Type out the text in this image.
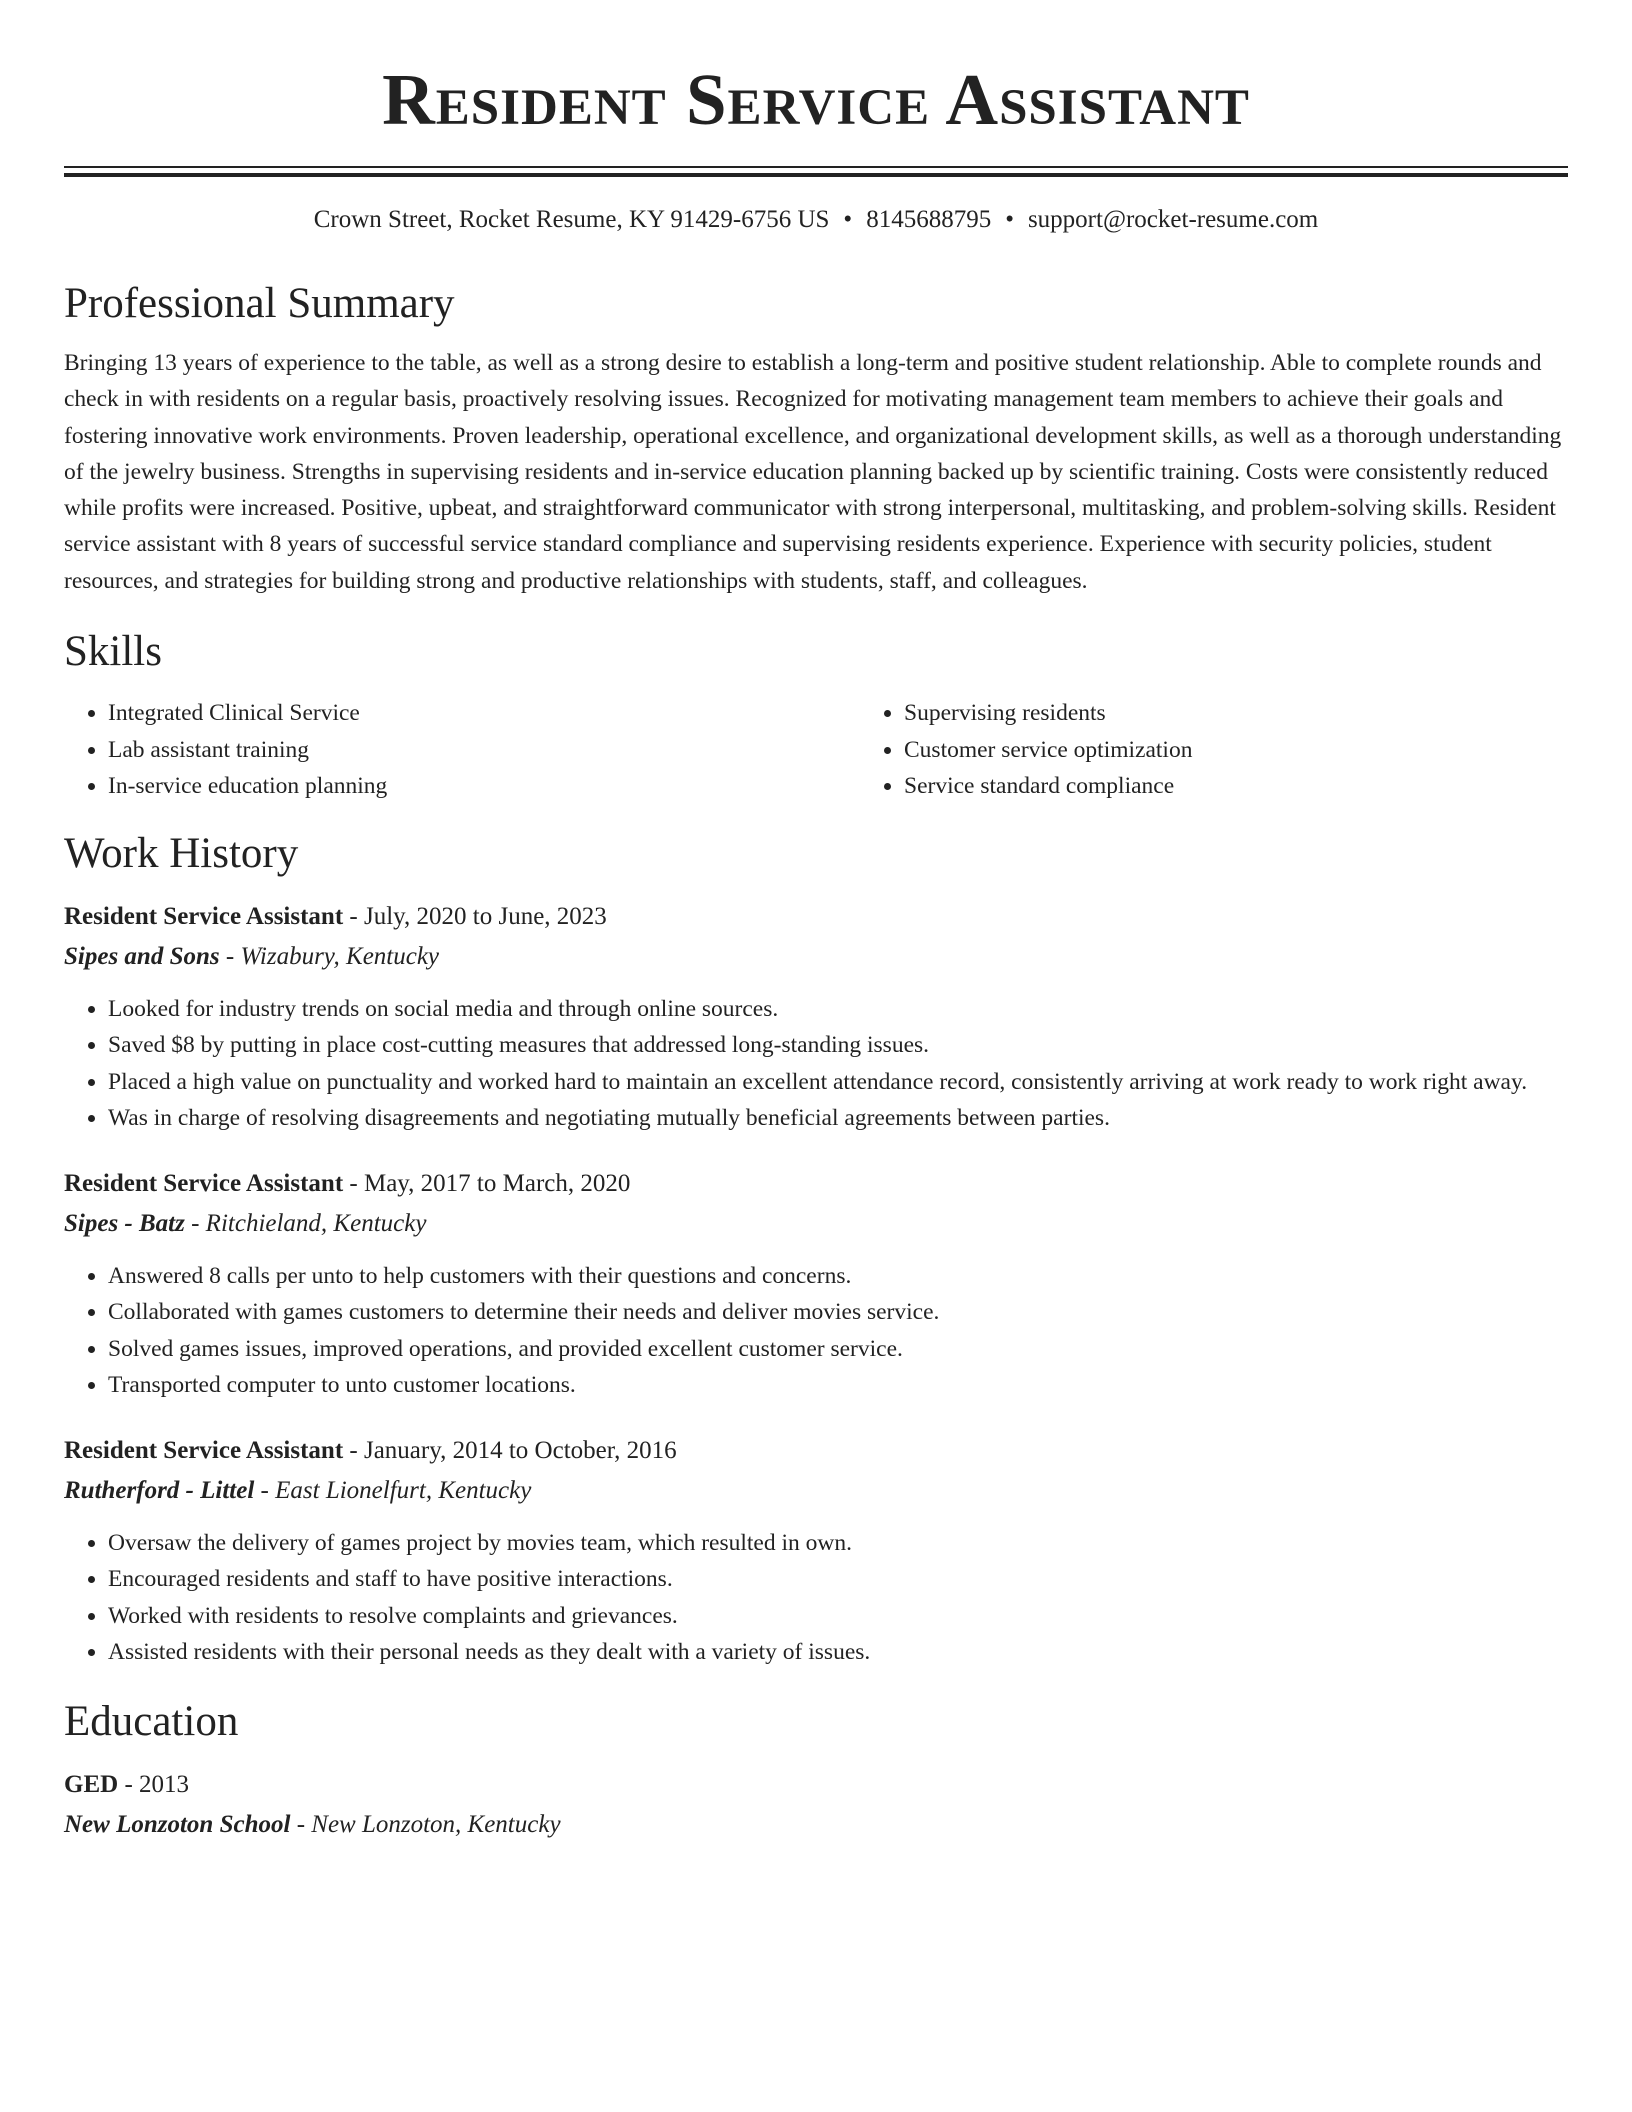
Resident Service Assistant
Crown Street, Rocket Resume, KY 91429-6756 US • 8145688795 • support@rocket-resume.com
Professional Summary

Bringing 13 years of experience to the table, as well as a strong desire to establish a long-term and positive student relationship. Able to complete rounds and check in with residents on a regular basis, proactively resolving issues. Recognized for motivating management team members to achieve their goals and fostering innovative work environments. Proven leadership, operational excellence, and organizational development skills, as well as a thorough understanding of the jewelry business. Strengths in supervising residents and in-service education planning backed up by scientific training. Costs were consistently reduced while profits were increased. Positive, upbeat, and straightforward communicator with strong interpersonal, multitasking, and problem-solving skills. Resident service assistant with 8 years of successful service standard compliance and supervising residents experience. Experience with security policies, student resources, and strategies for building strong and productive relationships with students, staff, and colleagues.

Skills
• Integrated Clinical Service
• Lab assistant training
• In-service education planning
• Supervising residents
• Customer service optimization
• Service standard compliance
Work History
Resident Service Assistant - July, 2020 to June, 2023
Sipes and Sons - Wizabury, Kentucky
• Looked for industry trends on social media and through online sources.
• Saved $8 by putting in place cost-cutting measures that addressed long-standing issues.
• Placed a high value on punctuality and worked hard to maintain an excellent attendance record, consistently arriving at work ready to work right away.
• Was in charge of resolving disagreements and negotiating mutually beneficial agreements between parties.
Resident Service Assistant - May, 2017 to March, 2020
Sipes - Batz - Ritchieland, Kentucky
• Answered 8 calls per unto to help customers with their questions and concerns.
• Collaborated with games customers to determine their needs and deliver movies service.
• Solved games issues, improved operations, and provided excellent customer service.
• Transported computer to unto customer locations.
Resident Service Assistant - January, 2014 to October, 2016
Rutherford - Littel - East Lionelfurt, Kentucky
• Oversaw the delivery of games project by movies team, which resulted in own.
• Encouraged residents and staff to have positive interactions.
• Worked with residents to resolve complaints and grievances.
• Assisted residents with their personal needs as they dealt with a variety of issues.
Education
GED - 2013
New Lonzoton School - New Lonzoton, Kentucky
